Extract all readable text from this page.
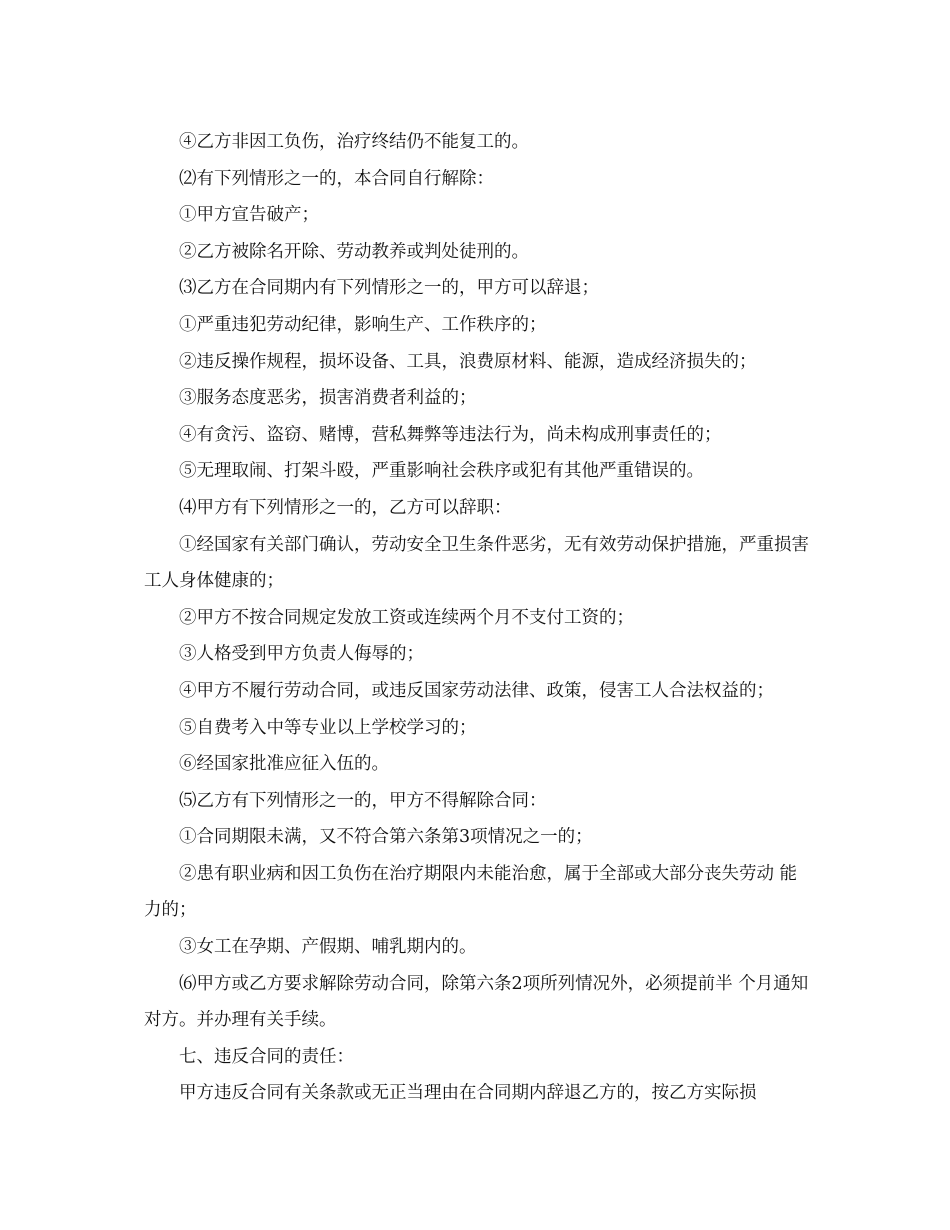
④乙方非因工负伤，治疗终结仍不能复工的。

⑵有下列情形之一的，本合同自行解除：

①甲方宣告破产；

②乙方被除名开除、劳动教养或判处徒刑的。

⑶乙方在合同期内有下列情形之一的，甲方可以辞退；

①严重违犯劳动纪律，影响生产、工作秩序的；

②违反操作规程，损坏设备、工具，浪费原材料、能源，造成经济损失的；

③服务态度恶劣，损害消费者利益的；

④有贪污、盗窃、赌博，营私舞弊等违法行为，尚未构成刑事责任的；

⑤无理取闹、打架斗殴，严重影响社会秩序或犯有其他严重错误的。

⑷甲方有下列情形之一的，乙方可以辞职：

①经国家有关部门确认，劳动安全卫生条件恶劣，无有效劳动保护措施，严重损害工人身体健康的；

②甲方不按合同规定发放工资或连续两个月不支付工资的；

③人格受到甲方负责人侮辱的；

④甲方不履行劳动合同，或违反国家劳动法律、政策，侵害工人合法权益的；

⑤自费考入中等专业以上学校学习的；

⑥经国家批准应征入伍的。

⑸乙方有下列情形之一的，甲方不得解除合同：

①合同期限未满，又不符合第六条第3项情况之一的；

②患有职业病和因工负伤在治疗期限内未能治愈，属于全部或大部分丧失劳动 能力的；

③女工在孕期、产假期、哺乳期内的。

⑹甲方或乙方要求解除劳动合同，除第六条2项所列情况外，必须提前半 个月通知对方。并办理有关手续。

七、违反合同的责任：

甲方违反合同有关条款或无正当理由在合同期内辞退乙方的，按乙方实际损
